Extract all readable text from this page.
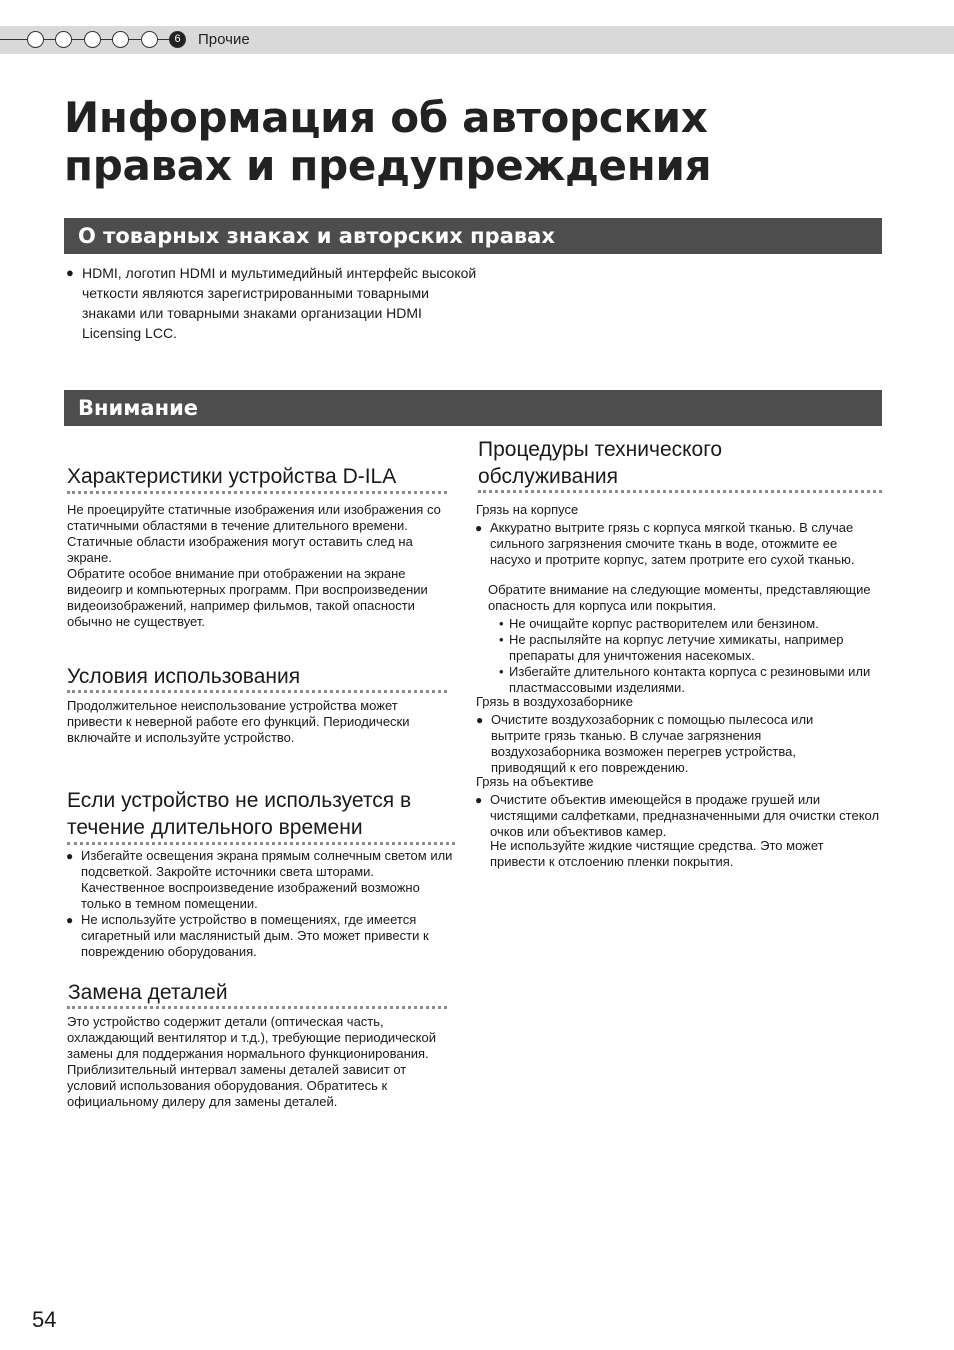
6	Прочие
Информация об авторских
правах и предупреждения
О товарных знаках и авторских правах
● HDMI, логотип HDMI и мультимедийный интерфейс высокой четкости являются зарегистрированными товарными знаками или товарными знаками организации HDMI Licensing LCC.
Внимание
Характеристики устройства D-ILA

Не проецируйте статичные изображения или изображения со статичными областями в течение длительного времени. Статичные области изображения могут оставить след на экране.

Обратите особое внимание при отображении на экране видеоигр и компьютерных программ. При воспроизведении видеоизображений, например фильмов, такой опасности обычно не существует.

Условия использования
Продолжительное неиспользование устройства может привести к неверной работе его функций. Периодически включайте и используйте устройство.
Если устройство не используется в
течение длительного времени
● Избегайте освещения экрана прямым солнечным светом или подсветкой. Закройте источники света шторами. Качественное воспроизведение изображений возможно только в темном помещении.
● Не используйте устройство в помещениях, где имеется сигаретный или маслянистый дым. Это может привести к повреждению оборудования.
Замена деталей
Это устройство содержит детали (оптическая часть, охлаждающий вентилятор и т.д.), требующие периодической замены для поддержания нормального функционирования. Приблизительный интервал замены деталей зависит от условий использования оборудования. Обратитесь к официальному дилеру для замены деталей.
Процедуры технического
обслуживания
Грязь на корпусе
● Аккуратно вытрите грязь с корпуса мягкой тканью. В случае сильного загрязнения смочите ткань в воде, отожмите ее насухо и протрите корпус, затем протрите его сухой тканью.
Обратите внимание на следующие моменты, представляющие опасность для корпуса или покрытия.
• Не очищайте корпус растворителем или бензином.
• Не распыляйте на корпус летучие химикаты, например препараты для уничтожения насекомых.
• Избегайте длительного контакта корпуса с резиновыми или пластмассовыми изделиями.
Грязь в воздухозаборнике
● Очистите воздухозаборник с помощью пылесоса или вытрите грязь тканью. В случае загрязнения воздухозаборника возможен перегрев устройства, приводящий к его повреждению.
Грязь на объективе
● Очистите объектив имеющейся в продаже грушей или чистящими салфетками, предназначенными для очистки стекол очков или объективов камер.
Не используйте жидкие чистящие средства. Это может привести к отслоению пленки покрытия.
54
